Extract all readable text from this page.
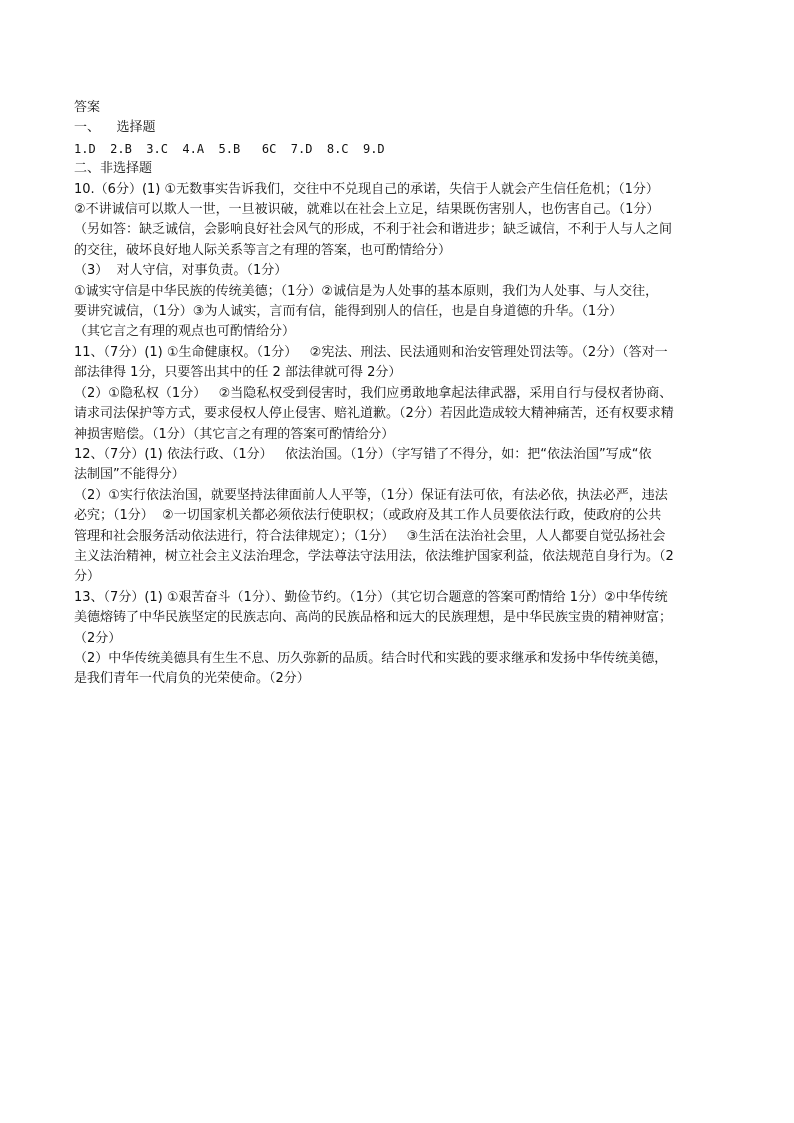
答案

一、    选择题

1.D  2.B  3.C  4.A  5.B   6C  7.D  8.C  9.D

二、非选择题

10.（6分）(1) ①无数事实告诉我们，交往中不兑现自己的承诺，失信于人就会产生信任危机；（1分）

②不讲诚信可以欺人一世，一旦被识破，就难以在社会上立足，结果既伤害别人，也伤害自己。（1分）

（另如答：缺乏诚信，会影响良好社会风气的形成，不利于社会和谐进步；缺乏诚信，不利于人与人之间

的交往，破坏良好地人际关系等言之有理的答案，也可酌情给分）

（3）  对人守信，对事负责。（1分）

①诚实守信是中华民族的传统美德；（1分）②诚信是为人处事的基本原则，我们为人处事、与人交往，

要讲究诚信，（1分）③为人诚实，言而有信，能得到别人的信任，也是自身道德的升华。（1分）

（其它言之有理的观点也可酌情给分）

11、（7分）(1) ①生命健康权。（1分）   ②宪法、刑法、民法通则和治安管理处罚法等。（2分）（答对一

部法律得 1分，只要答出其中的任 2 部法律就可得 2分）

（2）①隐私权（1分）   ②当隐私权受到侵害时，我们应勇敢地拿起法律武器，采用自行与侵权者协商、

请求司法保护等方式，要求侵权人停止侵害、赔礼道歉。（2分）若因此造成较大精神痛苦，还有权要求精

神损害赔偿。（1分）（其它言之有理的答案可酌情给分）

12、（7分）(1) 依法行政、（1分）   依法治国。（1分）（字写错了不得分，如：把“依法治国”写成“依

法制国”不能得分）

（2）①实行依法治国，就要坚持法律面前人人平等，（1分）保证有法可依，有法必依，执法必严，违法

必究；（1分）  ②一切国家机关都必须依法行使职权；（或政府及其工作人员要依法行政，使政府的公共

管理和社会服务活动依法进行，符合法律规定）；（1分）   ③生活在法治社会里，人人都要自觉弘扬社会

主义法治精神，树立社会主义法治理念，学法尊法守法用法，依法维护国家利益，依法规范自身行为。（2

分）

13、（7分）(1) ①艰苦奋斗（1分）、勤俭节约。（1分）（其它切合题意的答案可酌情给 1分）②中华传统

美德熔铸了中华民族坚定的民族志向、高尚的民族品格和远大的民族理想，是中华民族宝贵的精神财富；

（2分）

（2）中华传统美德具有生生不息、历久弥新的品质。结合时代和实践的要求继承和发扬中华传统美德，

是我们青年一代肩负的光荣使命。（2分）
